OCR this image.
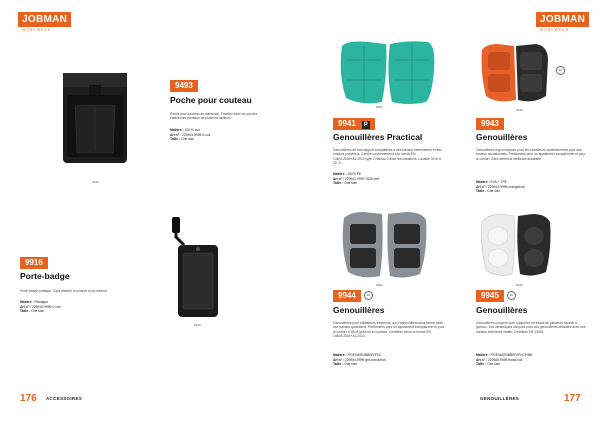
JOBMAN
WORKWEAR
9493
9493
Poche pour couteau
Poche pour couteau de menuisier. Fixation dans les poches extérieures pantalon de plusieurs tailleurs.
Matière : 100 % cuir
Art n° : 229493-9999-0 cuir
Taille : One size
9916
9916
Porte-badge
Porte-badge pratique. Clips attaché à ceinture et la ceinture.
Matière : Plastique
Art n° : 229916-9999-0 noir
Taille : One size
176 ACCESSOIRES
JOBMAN
WORKWEAR
9941
EN
9943
9941 P
Genouillères Practical
Genouillères de bon rapport compatibles à des travaux intermittents et des emplois ponctuels. Certifié conformément à la norme EN 14404:2004+A1:2010 type 2 Niveau 0 avec les variations. Lavable 30 et à 20 °C.
Matière : 100% PE
Art n° : 229941-9999 7605 vert
Taille : One size
9943
Genouillères
Genouillères ergonomiques pour les travailleurs professionnels pour des travaux occasionnels. Préformées pour un ajustement exceptionnel et pour le confort. Elles offrent la meilleure durabilité.
Matière : EVA + TPE
Art n° : 229943-9999 orange/noir
Taille : One size
9944	9945
9944	EN
Genouillères
Genouillères pour utilisateurs fréquents, qui s'agenouillent sous forme multi-use travaux quotidiens. Préformées pour un ajustement exceptionnel et pour le confort. EVA et gris/noir en surface. Certifiées selon la norme EN 14404:2004+A1:2010.
Matière : PE/EVA/RUBBER/PVC
Art n° : 229944-9999 gris foncé/noir
Taille : One size
9945	EN
Genouillères
Genouillères conçues pour supporter un travail de plusieurs heures à genoux. Vos céramiques conçues pour vos genouillères délicates avec une surface extérieure stable. Certifiées EN 14404.
Matière : PE/EVA/RUBBER/PVC/HNR
Art n° : 229945-9999 blanc/noir
Taille : One size
GENOUILLÈRES	177
